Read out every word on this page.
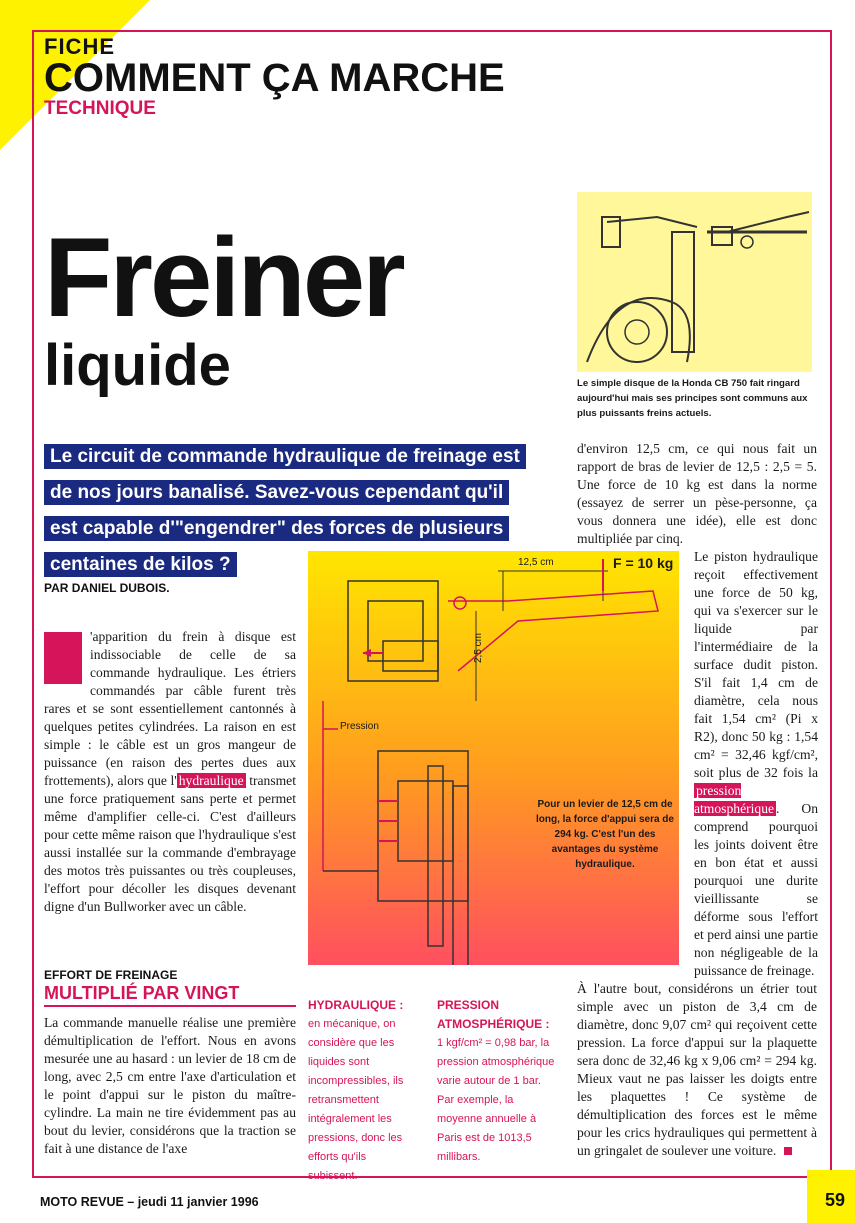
FICHE
COMMENT ÇA MARCHE
TECHNIQUE
Freiner
liquide	Le simple disque de la Honda CB 750 fait ringard aujourd'hui mais ses principes sont communs aux plus puissants freins actuels.
Le circuit de commande hydraulique de freinage est
de nos jours banalisé. Savez-vous cependant qu'il
est capable d'"engendrer" des forces de plusieurs
centaines de kilos ?
PAR DANIEL DUBOIS.

'apparition du frein à disque est indissociable de celle de sa commande hydraulique. Les étriers commandés par câble furent très rares et se sont essentiellement cantonnés à quelques petites cylindrées. La raison en est simple : le câble est un gros mangeur de puissance (en raison des pertes dues aux frottements), alors que l' hydraulique transmet une force pratiquement sans perte et permet même d'amplifier celle-ci. C'est d'ailleurs pour cette même raison que l'hydraulique s'est aussi installée sur la commande d'embrayage des motos très puissantes ou très coupleuses, l'effort pour décoller les disques devenant digne d'un Bullworker avec un câble.

EFFORT DE FREINAGE
MULTIPLIÉ PAR VINGT

La commande manuelle réalise une première démultiplication de l'effort. Nous en avons mesurée une au hasard : un levier de 18 cm de long, avec 2,5 cm entre l'axe d'articulation et le point d'appui sur le piston du maître-cylindre. La main ne tire évidemment pas au bout du levier, considérons que la traction se fait à une distance de l'axe

d'environ 12,5 cm, ce qui nous fait un rapport de bras de levier de 12,5 : 2,5 = 5. Une force de 10 kg est dans la norme (essayez de serrer un pèse-personne, ça vous donnera une idée), elle est donc multipliée par cinq.

Le piston hydraulique reçoit effectivement une force de 50 kg, qui va s'exercer sur le liquide par l'intermédiaire de la surface dudit piston. S'il fait 1,4 cm de diamètre, cela nous fait 1,54 cm² (Pi x R2), donc 50 kg : 1,54 cm² = 32,46 kgf/cm², soit plus de 32 fois la pression atmosphérique . On comprend pourquoi les joints doivent être en bon état et aussi pourquoi une durite vieillissante se déforme sous l'effort et perd ainsi une partie non négligeable de la puissance de freinage.

À l'autre bout, considérons un étrier tout simple avec un piston de 3,4 cm de diamètre, donc 9,07 cm² qui reçoivent cette pression. La force d'appui sur la plaquette sera donc de 32,46 kg x 9,06 cm² = 294 kg. Mieux vaut ne pas laisser les doigts entre les plaquettes ! Ce système de démultiplication des forces est le même pour les crics hydrauliques qui permettent à un gringalet de soulever une voiture.

12,5 cm	F = 10 kg
2,5 cm
Pression
Pour un levier de 12,5 cm de long, la force d'appui sera de 294 kg. C'est l'un des avantages du système hydraulique.
HYDRAULIQUE :
en mécanique, on considère que les liquides sont incompressibles, ils retransmettent intégralement les pressions, donc les efforts qu'ils subissent.
PRESSION ATMOSPHÉRIQUE :
1 kgf/cm² = 0,98 bar, la pression atmosphérique varie autour de 1 bar. Par exemple, la moyenne annuelle à Paris est de 1013,5 millibars.
MOTO REVUE – jeudi 11 janvier 1996	59
